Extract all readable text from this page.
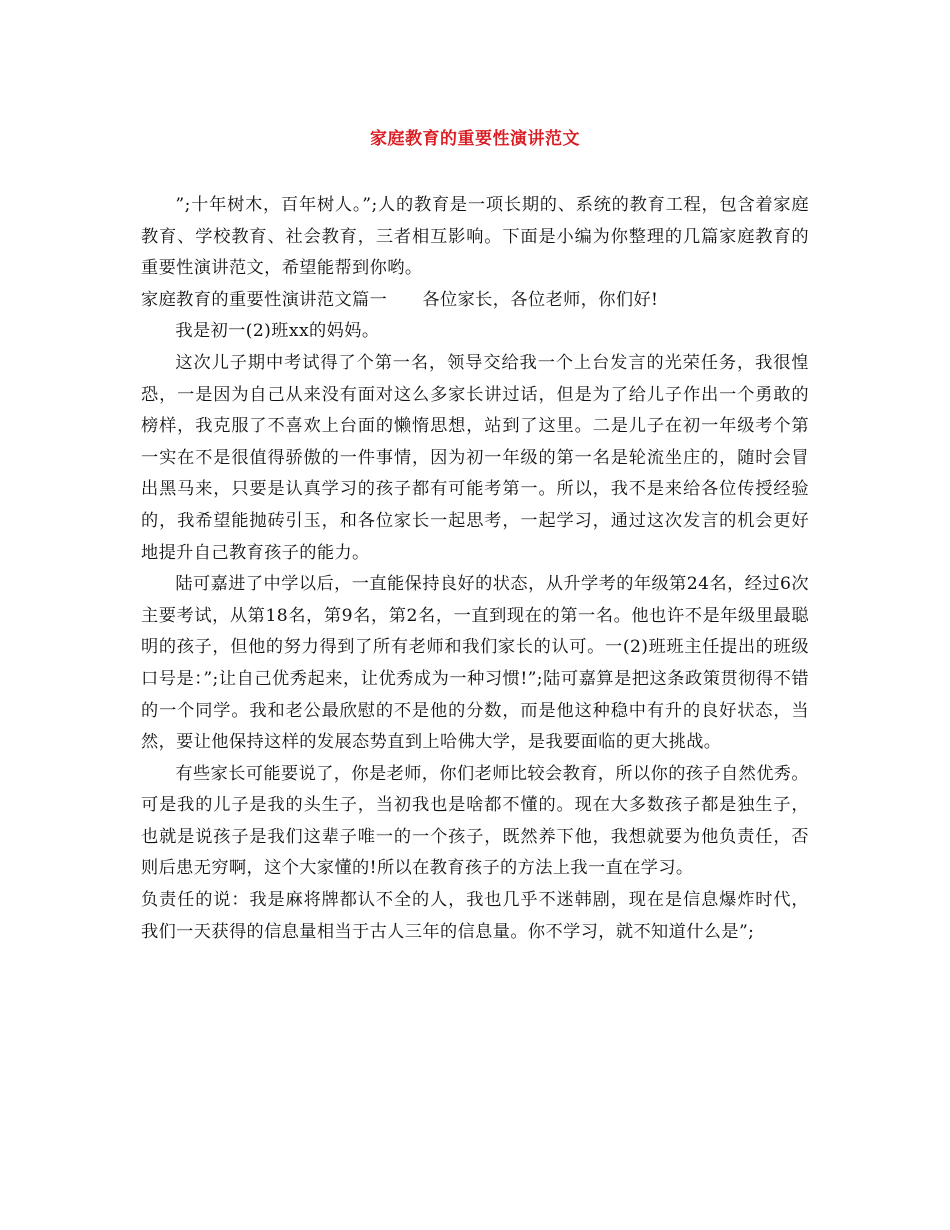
家庭教育的重要性演讲范文

”;十年树木，百年树人。”;人的教育是一项长期的、系统的教育工程，包含着家庭教育、学校教育、社会教育，三者相互影响。下面是小编为你整理的几篇家庭教育的重要性演讲范文，希望能帮到你哟。

家庭教育的重要性演讲范文篇一　　各位家长，各位老师，你们好!

我是初一(2)班xx的妈妈。

这次儿子期中考试得了个第一名，领导交给我一个上台发言的光荣任务，我很惶恐，一是因为自己从来没有面对这么多家长讲过话，但是为了给儿子作出一个勇敢的榜样，我克服了不喜欢上台面的懒惰思想，站到了这里。二是儿子在初一年级考个第一实在不是很值得骄傲的一件事情，因为初一年级的第一名是轮流坐庄的，随时会冒出黑马来，只要是认真学习的孩子都有可能考第一。所以，我不是来给各位传授经验的，我希望能抛砖引玉，和各位家长一起思考，一起学习，通过这次发言的机会更好地提升自己教育孩子的能力。

陆可嘉进了中学以后，一直能保持良好的状态，从升学考的年级第24名，经过6次主要考试，从第18名，第9名，第2名，一直到现在的第一名。他也许不是年级里最聪明的孩子，但他的努力得到了所有老师和我们家长的认可。一(2)班班主任提出的班级口号是：”;让自己优秀起来，让优秀成为一种习惯!”;陆可嘉算是把这条政策贯彻得不错的一个同学。我和老公最欣慰的不是他的分数，而是他这种稳中有升的良好状态，当然，要让他保持这样的发展态势直到上哈佛大学，是我要面临的更大挑战。

有些家长可能要说了，你是老师，你们老师比较会教育，所以你的孩子自然优秀。可是我的儿子是我的头生子，当初我也是啥都不懂的。现在大多数孩子都是独生子，也就是说孩子是我们这辈子唯一的一个孩子，既然养下他，我想就要为他负责任，否则后患无穷啊，这个大家懂的!所以在教育孩子的方法上我一直在学习。

负责任的说：我是麻将牌都认不全的人，我也几乎不迷韩剧，现在是信息爆炸时代，我们一天获得的信息量相当于古人三年的信息量。你不学习，就不知道什么是”;
